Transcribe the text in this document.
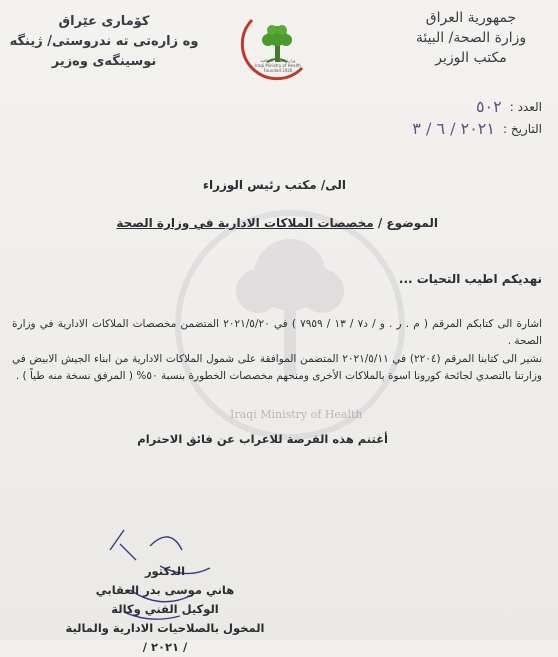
جمهورية العراق
وزارة الصحة/ البيئة
مكتب الوزير
وزارة الصحة العراقية
Iraqi Ministry of Health
Founded 1920
كۆماری عێراق
وه زارەتی تە ندروستی/ ژینگە
نوسینگەی وەزیر
العدد :
٥٠٢
التاريخ :
٢٠٢١ / ٦ / ٣
Iraqi Ministry of Health
الى/ مكتب رئيس الوزراء
الموضوع / مخصصات الملاكات الادارية في وزارة الصحة
نهديكم اطيب التحيات ...
اشارة الى كتابكم المرقم ( م . ر . و / د٧ / ١٣ / ٧٩٥٩ ) في ٢٠٢١/٥/٢٠ المتضمن مخصصات الملاكات الادارية في وزارة الصحة .
نشير الى كتابنا المرقم (٢٢٠٤) في ٢٠٢١/٥/١١ المتضمن الموافقة على شمول الملاكات الادارية من ابناء الجيش الابيض في وزارتنا بالتصدي لجائحة كورونا اسوة بالملاكات الأخرى ومنحهم مخصصات الخطورة بنسبة ٥٠% ( المرفق نسخة منه طياً ) .
أغتنم هذه الفرصة للاعراب عن فائق الاحترام
الدكتور
هاني موسى بدر العقابي
الوكيل الفني وكالة
المخول بالصلاحيات الادارية والمالية
/ ٢٠٢١ /
